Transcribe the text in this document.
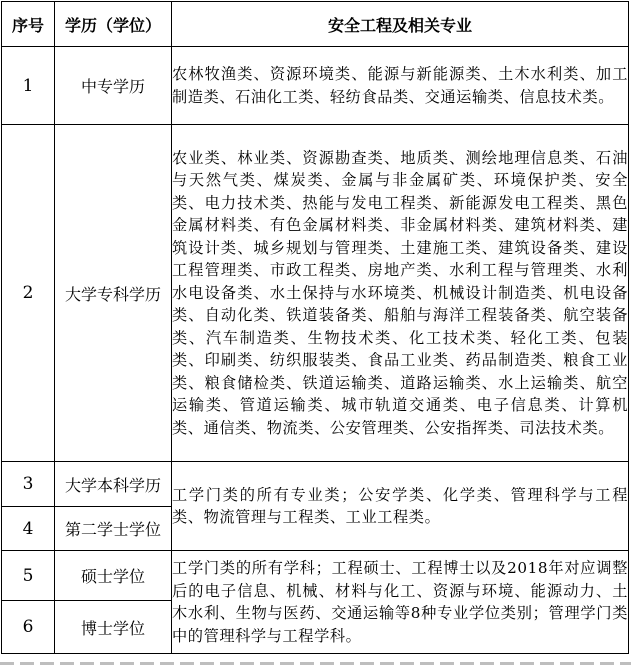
序号	学历（学位）	安全工程及相关专业
1	中专学历	农林牧渔类、资源环境类、能源与新能源类、土木水利类、加工制造类、石油化工类、轻纺食品类、交通运输类、信息技术类。
2	大学专科学历	农业类、林业类、资源勘查类、地质类、测绘地理信息类、石油与天然气类、煤炭类、金属与非金属矿类、环境保护类、安全类、电力技术类、热能与发电工程类、新能源发电工程类、黑色金属材料类、有色金属材料类、非金属材料类、建筑材料类、建筑设计类、城乡规划与管理类、土建施工类、建筑设备类、建设工程管理类、市政工程类、房地产类、水利工程与管理类、水利水电设备类、水土保持与水环境类、机械设计制造类、机电设备类、自动化类、铁道装备类、船舶与海洋工程装备类、航空装备类、汽车制造类、生物技术类、化工技术类、轻化工类、包装类、印刷类、纺织服装类、食品工业类、药品制造类、粮食工业类、粮食储检类、铁道运输类、道路运输类、水上运输类、航空运输类、管道运输类、城市轨道交通类、电子信息类、计算机类、通信类、物流类、公安管理类、公安指挥类、司法技术类。
3	大学本科学历	工学门类的所有专业类；公安学类、化学类、管理科学与工程类、物流管理与工程类、工业工程类。
4	第二学士学位	
5	硕士学位	工学门类的所有学科；工程硕士、工程博士以及2018年对应调整后的电子信息、机械、材料与化工、资源与环境、能源动力、土木水利、生物与医药、交通运输等8种专业学位类别；管理学门类中的管理科学与工程学科。
6	博士学位	
